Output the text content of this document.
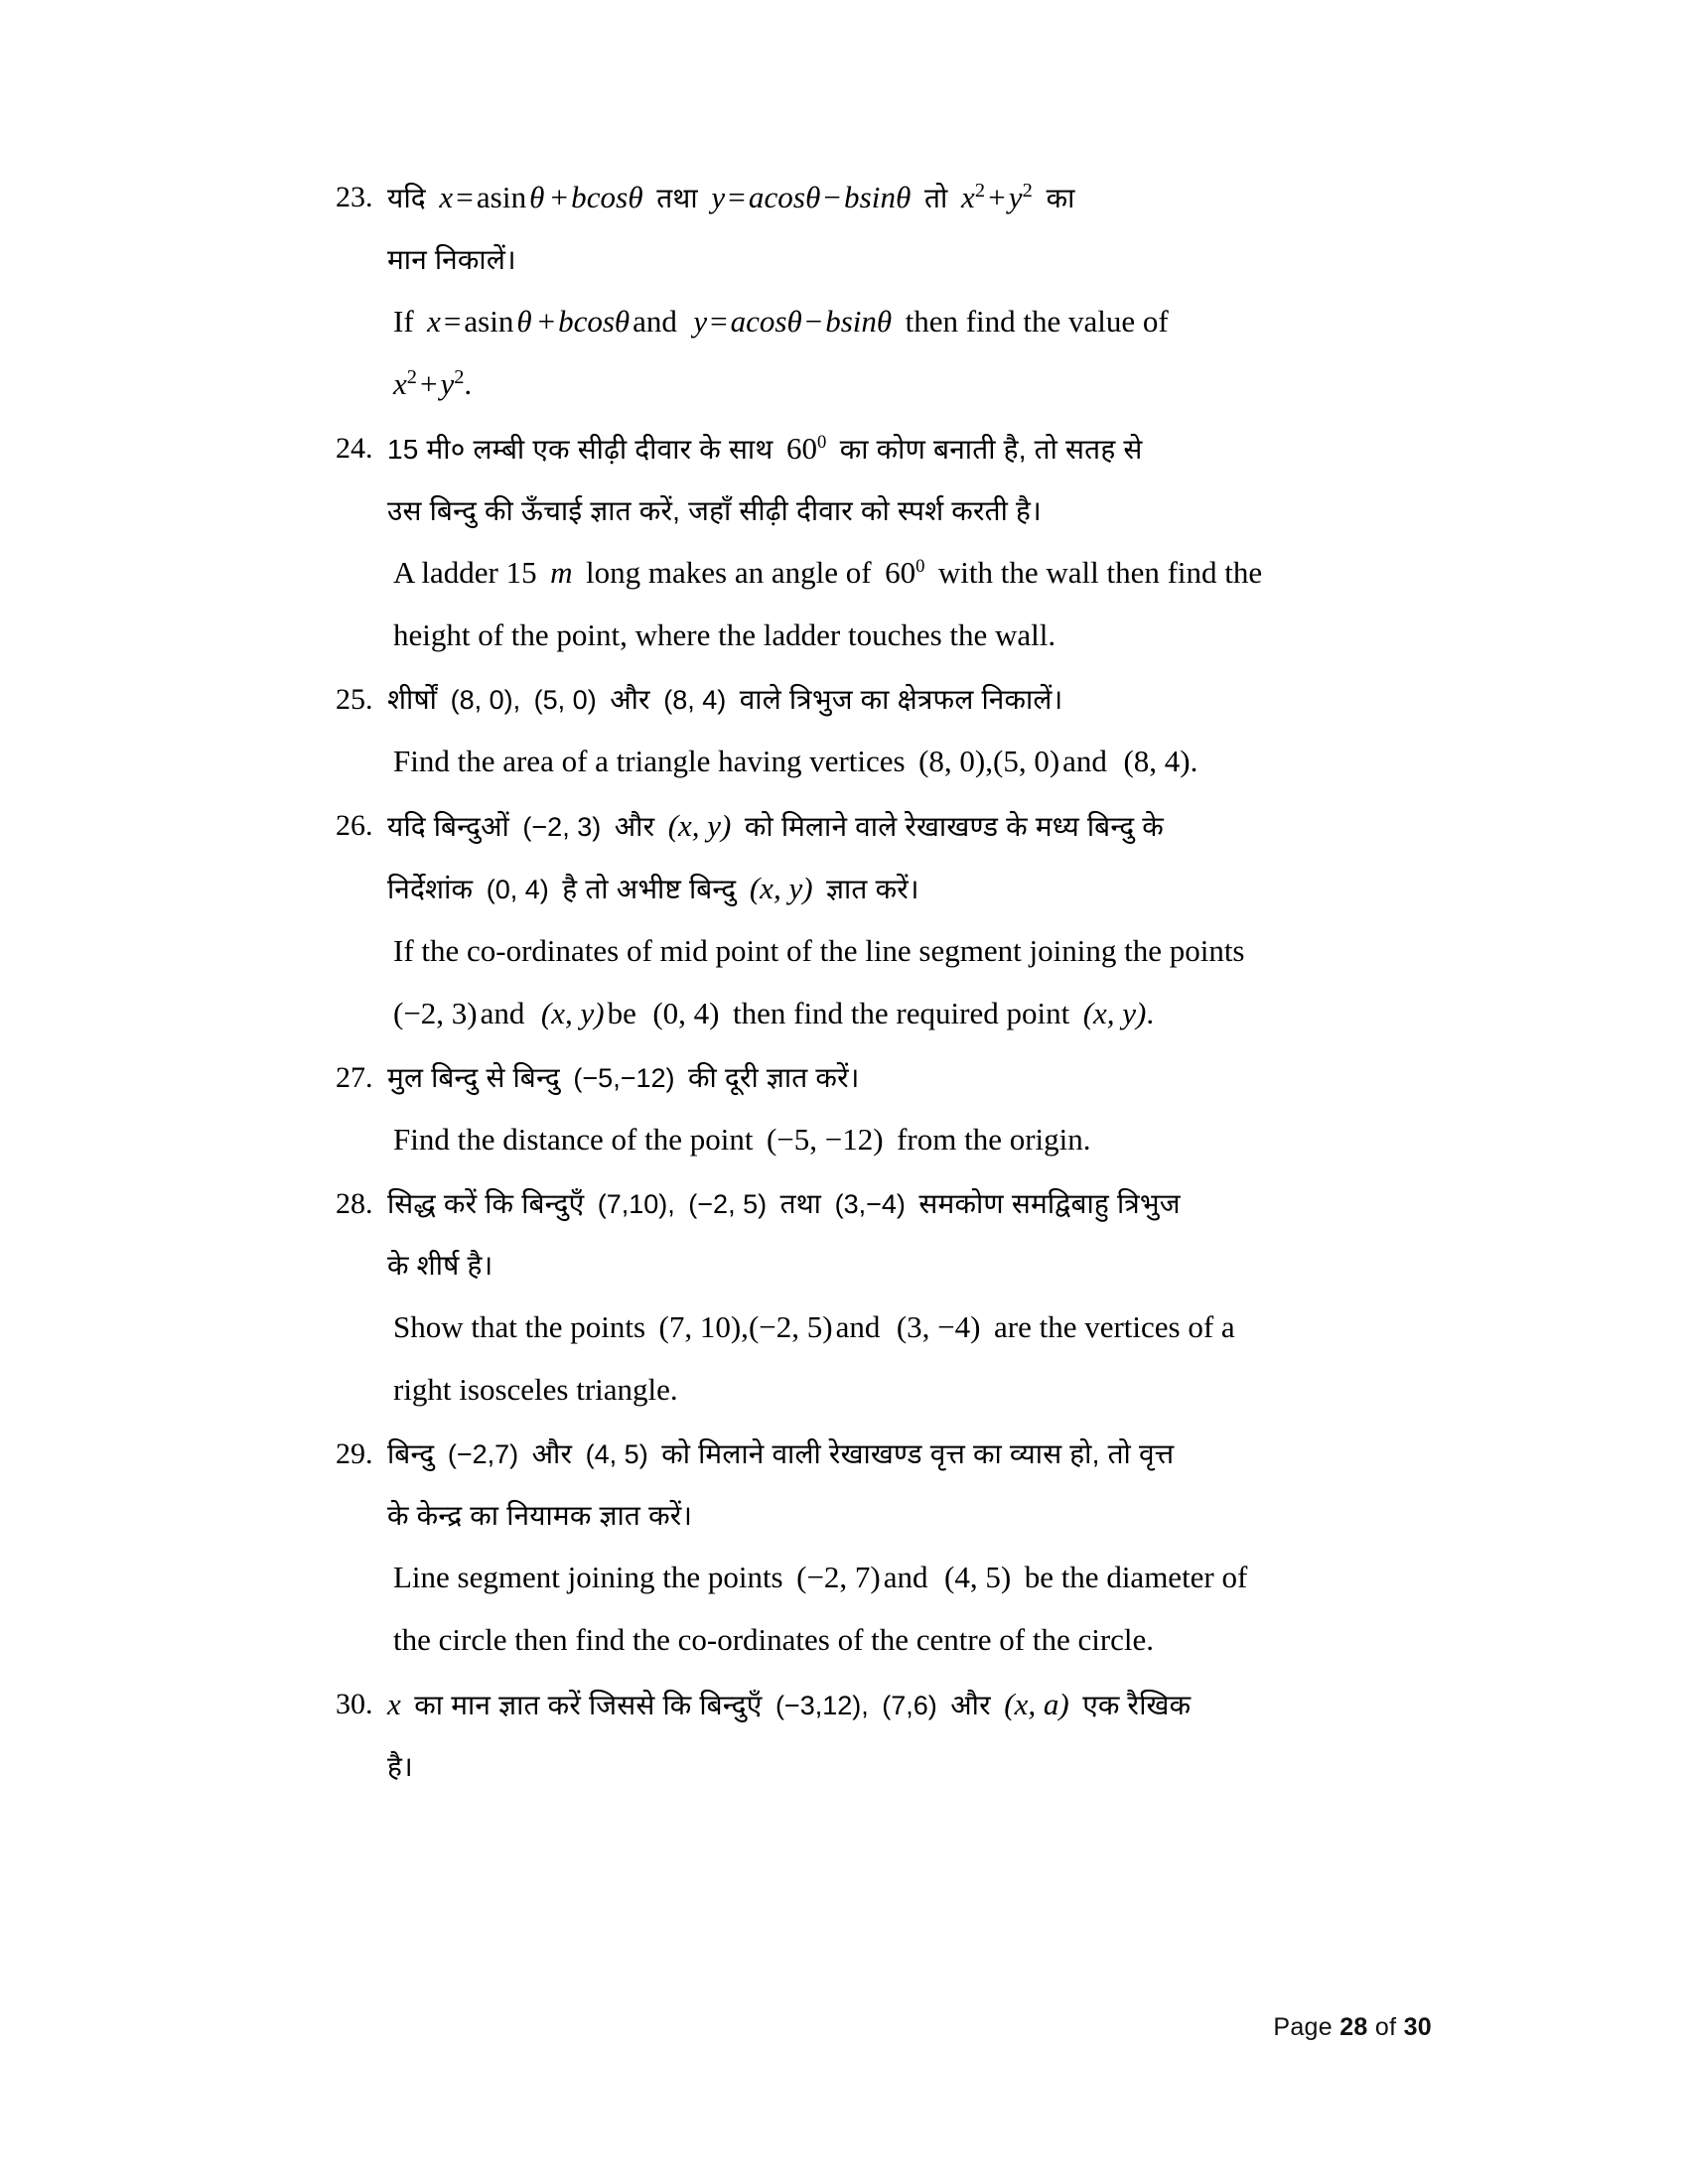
23. यदि x=asinθ +bcosθ तथा y=acosθ−bsinθ तो $x^2+y^2$ का
मान निकालें।
If x=asinθ +bcosθand y=acosθ−bsinθ then find the value of
$x^2+y^2$.
24. 15 मी० लम्बी एक सीढ़ी दीवार के साथ $60^0$ का कोण बनाती है, तो सतह से
उस बिन्दु की ऊँचाई ज्ञात करें, जहाँ सीढ़ी दीवार को स्पर्श करती है।
A ladder 15 m long makes an angle of $60^0$ with the wall then find the
height of the point, where the ladder touches the wall.
25. शीर्षों (8, 0), (5, 0) और (8, 4) वाले त्रिभुज का क्षेत्रफल निकालें।
Find the area of a triangle having vertices (8, 0),(5, 0)and (8, 4).
26. यदि बिन्दुओं (−2, 3) और (x, y) को मिलाने वाले रेखाखण्ड के मध्य बिन्दु के
निर्देशांक (0, 4) है तो अभीष्ट बिन्दु (x, y) ज्ञात करें।
If the co-ordinates of mid point of the line segment joining the points
(−2, 3)and (x, y)be (0, 4) then find the required point (x, y).
27. मुल बिन्दु से बिन्दु (−5,−12) की दूरी ज्ञात करें।
Find the distance of the point (−5, −12) from the origin.
28. सिद्ध करें कि बिन्दुएँ (7,10), (−2, 5) तथा (3,−4) समकोण समद्विबाहु त्रिभुज
के शीर्ष है।
Show that the points (7, 10),(−2, 5)and (3, −4) are the vertices of a
right isosceles triangle.
29. बिन्दु (−2,7) और (4, 5) को मिलाने वाली रेखाखण्ड वृत्त का व्यास हो, तो वृत्त
के केन्द्र का नियामक ज्ञात करें।
Line segment joining the points (−2, 7)and (4, 5) be the diameter of
the circle then find the co-ordinates of the centre of the circle.
30. x का मान ज्ञात करें जिससे कि बिन्दुएँ (−3,12), (7,6) और (x, a) एक रैखिक
है।
Page 28 of 30
